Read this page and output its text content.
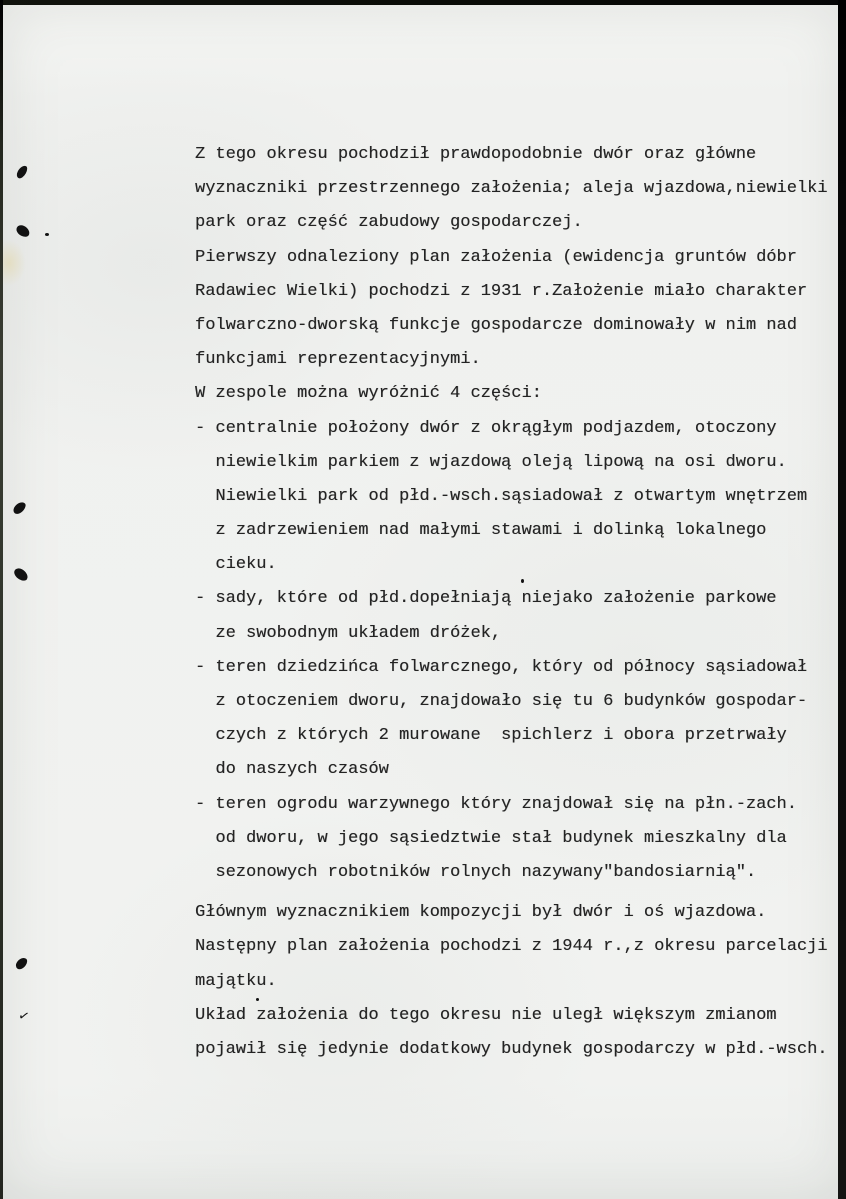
Z tego okresu pochodził prawdopodobnie dwór oraz główne
wyznaczniki przestrzennego założenia; aleja wjazdowa,niewielki
park oraz część zabudowy gospodarczej.
Pierwszy odnaleziony plan założenia (ewidencja gruntów dóbr
Radawiec Wielki) pochodzi z 1931 r.Założenie miało charakter
folwarczno-dworską funkcje gospodarcze dominowały w nim nad
funkcjami reprezentacyjnymi.
W zespole można wyróżnić 4 części:
- centralnie położony dwór z okrągłym podjazdem, otoczony
niewielkim parkiem z wjazdową oleją lipową na osi dworu.
Niewielki park od płd.-wsch.sąsiadował z otwartym wnętrzem
z zadrzewieniem nad małymi stawami i dolinką lokalnego
cieku.
- sady, które od płd.dopełniają niejako założenie parkowe
ze swobodnym układem dróżek,
- teren dziedzińca folwarcznego, który od północy sąsiadował
z otoczeniem dworu, znajdowało się tu 6 budynków gospodar-
czych z których 2 murowane  spichlerz i obora przetrwały
do naszych czasów
- teren ogrodu warzywnego który znajdował się na płn.-zach.
od dworu, w jego sąsiedztwie stał budynek mieszkalny dla
sezonowych robotników rolnych nazywany"bandosiarnią".
Głównym wyznacznikiem kompozycji był dwór i oś wjazdowa.
Następny plan założenia pochodzi z 1944 r.,z okresu parcelacji
majątku.
Układ założenia do tego okresu nie uległ większym zmianom
pojawił się jedynie dodatkowy budynek gospodarczy w płd.-wsch.
✓
